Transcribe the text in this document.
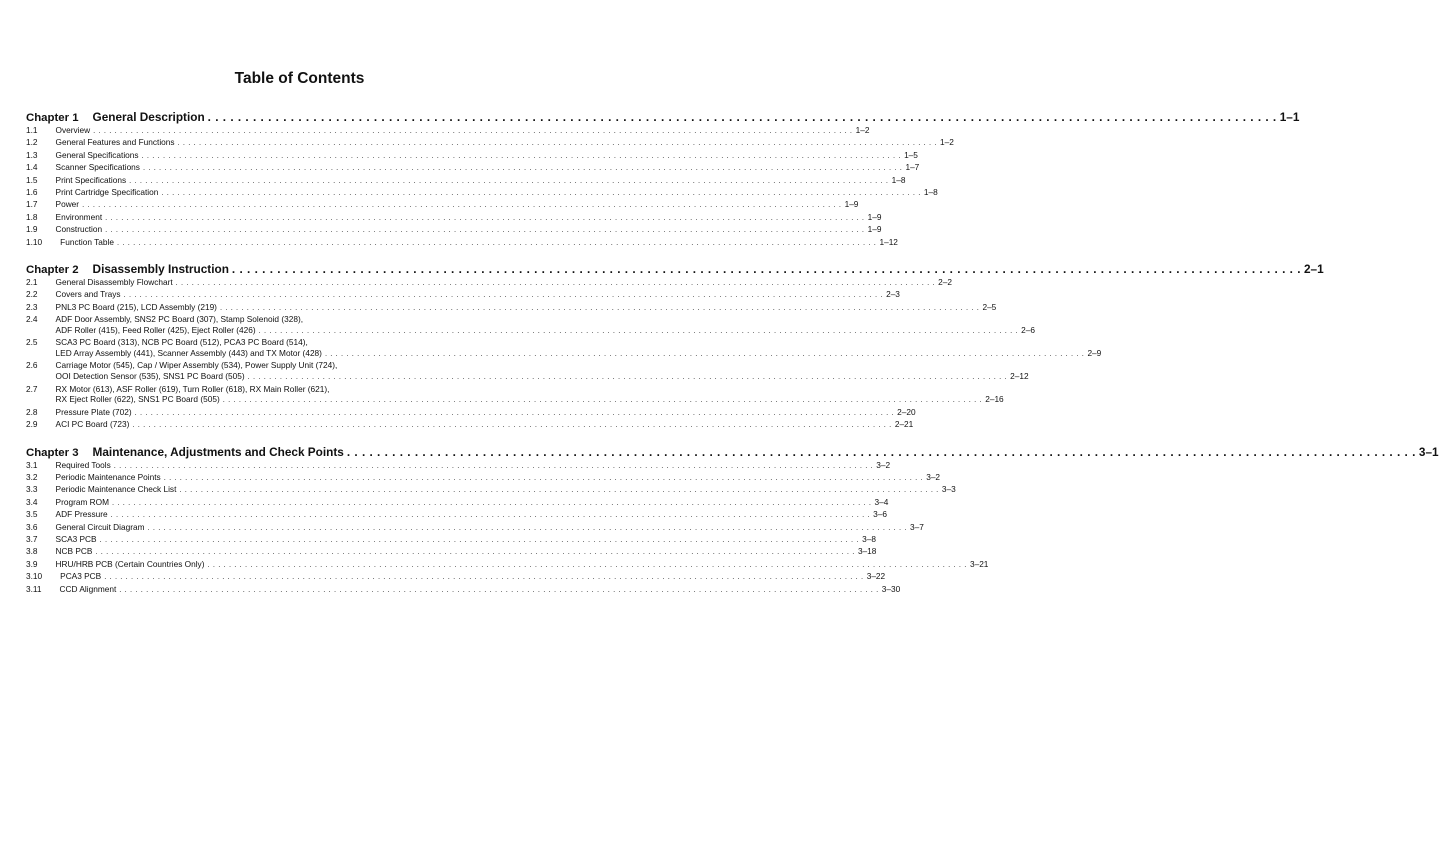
Table of Contents
Chapter 1 General Description . . .	1–1
1.1 Overview . . .	1–2
1.2 General Features and Functions . . .	1–2
1.3 General Specifications . . .	1–5
1.4 Scanner Specifications . . .	1–7
1.5 Print Specifications . . .	1–8
1.6 Print Cartridge Specification . . .	1–8
1.7 Power . . .	1–9
1.8 Environment . . .	1–9
1.9 Construction . . .	1–9
1.10 Function Table . . .	1–12
Chapter 2 Disassembly Instruction . . .	2–1
2.1 General Disassembly Flowchart . . .	2–2
2.2 Covers and Trays . . .	2–3
2.3 PNL3 PC Board (215), LCD Assembly (219) . . .	2–5
2.4 ADF Door Assembly, SNS2 PC Board (307), Stamp Solenoid (328),
ADF Roller (415), Feed Roller (425), Eject Roller (426) . . .	2–6
2.5 SCA3 PC Board (313), NCB PC Board (512), PCA3 PC Board (514),
LED Array Assembly (441), Scanner Assembly (443) and TX Motor (428) . . .	2–9
2.6 Carriage Motor (545), Cap / Wiper Assembly (534), Power Supply Unit (724),
OOI Detection Sensor (535), SNS1 PC Board (505) . . .	2–12
2.7 RX Motor (613), ASF Roller (619), Turn Roller (618), RX Main Roller (621),
RX Eject Roller (622), SNS1 PC Board (505) . . .	2–16
2.8 Pressure Plate (702) . . .	2–20
2.9 ACI PC Board (723) . . .	2–21
Chapter 3 Maintenance, Adjustments and Check Points . . .	3–1
3.1 Required Tools . . .	3–2
3.2 Periodic Maintenance Points . . .	3–2
3.3 Periodic Maintenance Check List . . .	3–3
3.4 Program ROM . . .	3–4
3.5 ADF Pressure . . .	3–6
3.6 General Circuit Diagram . . .	3–7
3.7 SCA3 PCB . . .	3–8
3.8 NCB PCB . . .	3–18
3.9 HRU/HRB PCB (Certain Countries Only) . . .	3–21
3.10 PCA3 PCB . . .	3–22
3.11 CCD Alignment . . .	3–30
